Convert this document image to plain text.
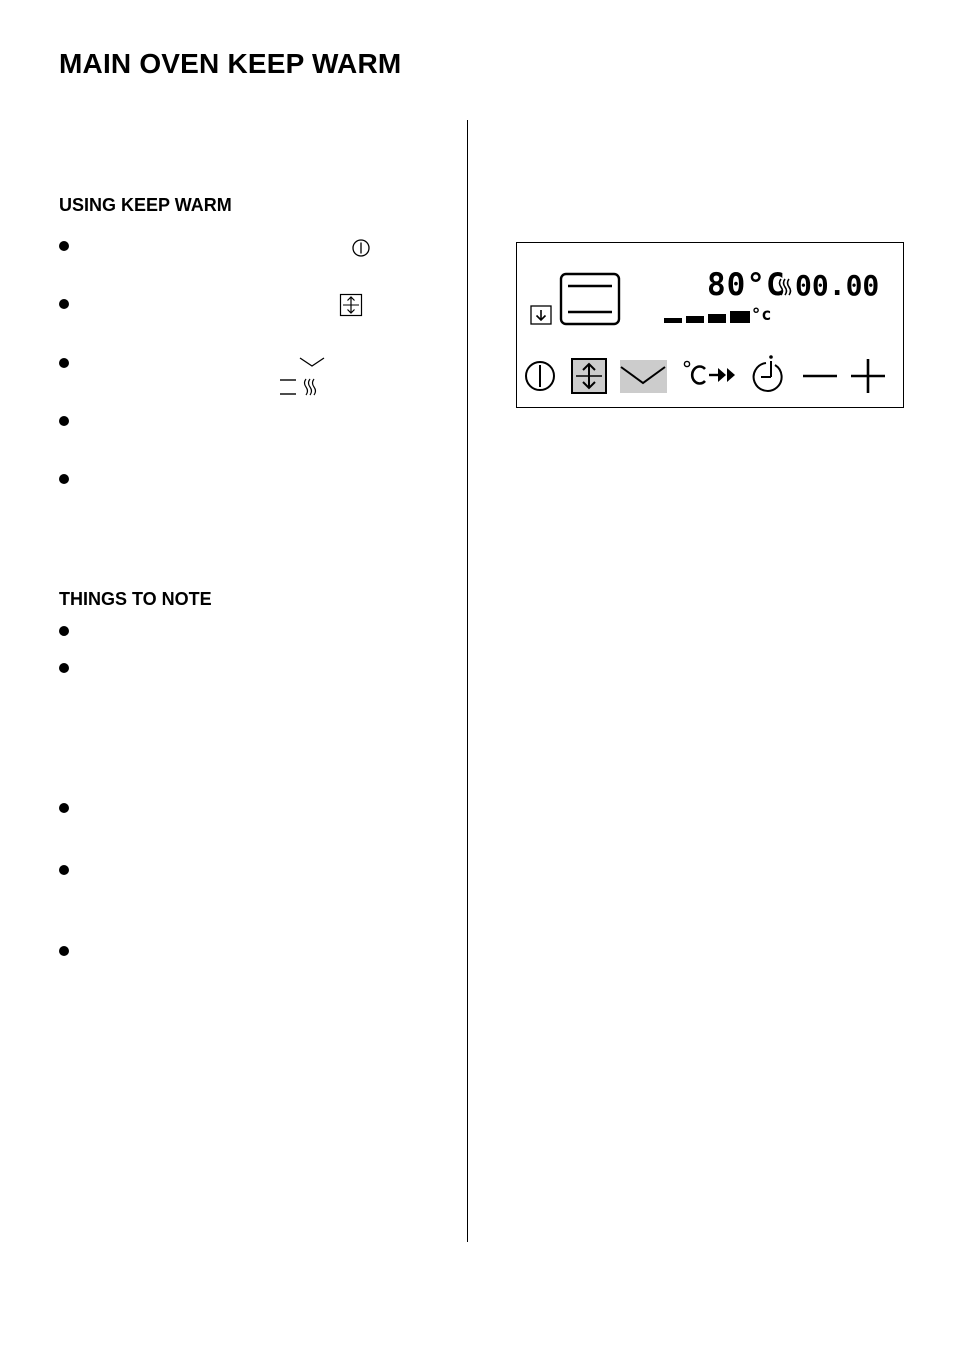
MAIN OVEN KEEP WARM
USING KEEP WARM
THINGS TO NOTE
80°C 00.00
°c
